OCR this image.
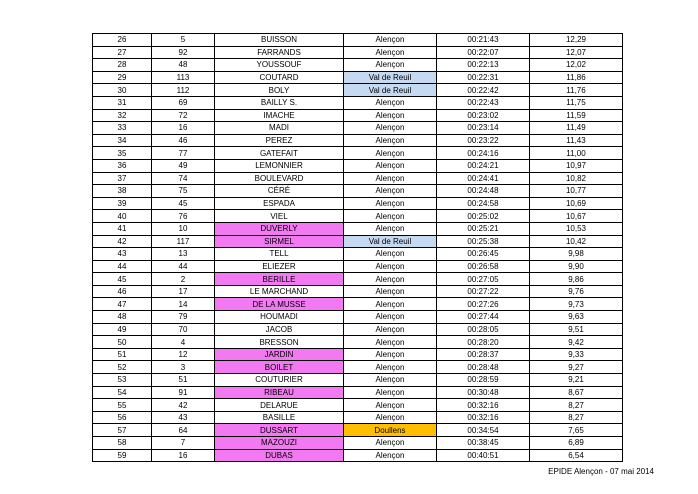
26	5	BUISSON	Alençon	00:21:43	12,29
27	92	FARRANDS	Alençon	00:22:07	12,07
28	48	YOUSSOUF	Alençon	00:22:13	12,02
29	113	COUTARD	Val de Reuil	00:22:31	11,86
30	112	BOLY	Val de Reuil	00:22:42	11,76
31	69	BAILLY S.	Alençon	00:22:43	11,75
32	72	IMACHE	Alençon	00:23:02	11,59
33	16	MADI	Alençon	00:23:14	11,49
34	46	PEREZ	Alençon	00:23:22	11,43
35	77	GATEFAIT	Alençon	00:24:16	11,00
36	49	LEMONNIER	Alençon	00:24:21	10,97
37	74	BOULEVARD	Alençon	00:24:41	10,82
38	75	CÉRÉ	Alençon	00:24:48	10,77
39	45	ESPADA	Alençon	00:24:58	10,69
40	76	VIEL	Alençon	00:25:02	10,67
41	10	DUVERLY	Alençon	00:25:21	10,53
42	117	SIRMEL	Val de Reuil	00:25:38	10,42
43	13	TELL	Alençon	00:26:45	9,98
44	44	ELIEZER	Alençon	00:26:58	9,90
45	2	BERILLE	Alençon	00:27:05	9,86
46	17	LE MARCHAND	Alençon	00:27:22	9,76
47	14	DE LA MUSSE	Alençon	00:27:26	9,73
48	79	HOUMADI	Alençon	00:27:44	9,63
49	70	JACOB	Alençon	00:28:05	9,51
50	4	BRESSON	Alençon	00:28:20	9,42
51	12	JARDIN	Alençon	00:28:37	9,33
52	3	BOILET	Alençon	00:28:48	9,27
53	51	COUTURIER	Alençon	00:28:59	9,21
54	91	RIBEAU	Alençon	00:30:48	8,67
55	42	DELARUE	Alençon	00:32:16	8,27
56	43	BASILLE	Alençon	00:32:16	8,27
57	64	DUSSART	Doullens	00:34:54	7,65
58	7	MAZOUZI	Alençon	00:38:45	6,89
59	16	DUBAS	Alençon	00:40:51	6,54
EPIDE Alençon - 07 mai 2014
